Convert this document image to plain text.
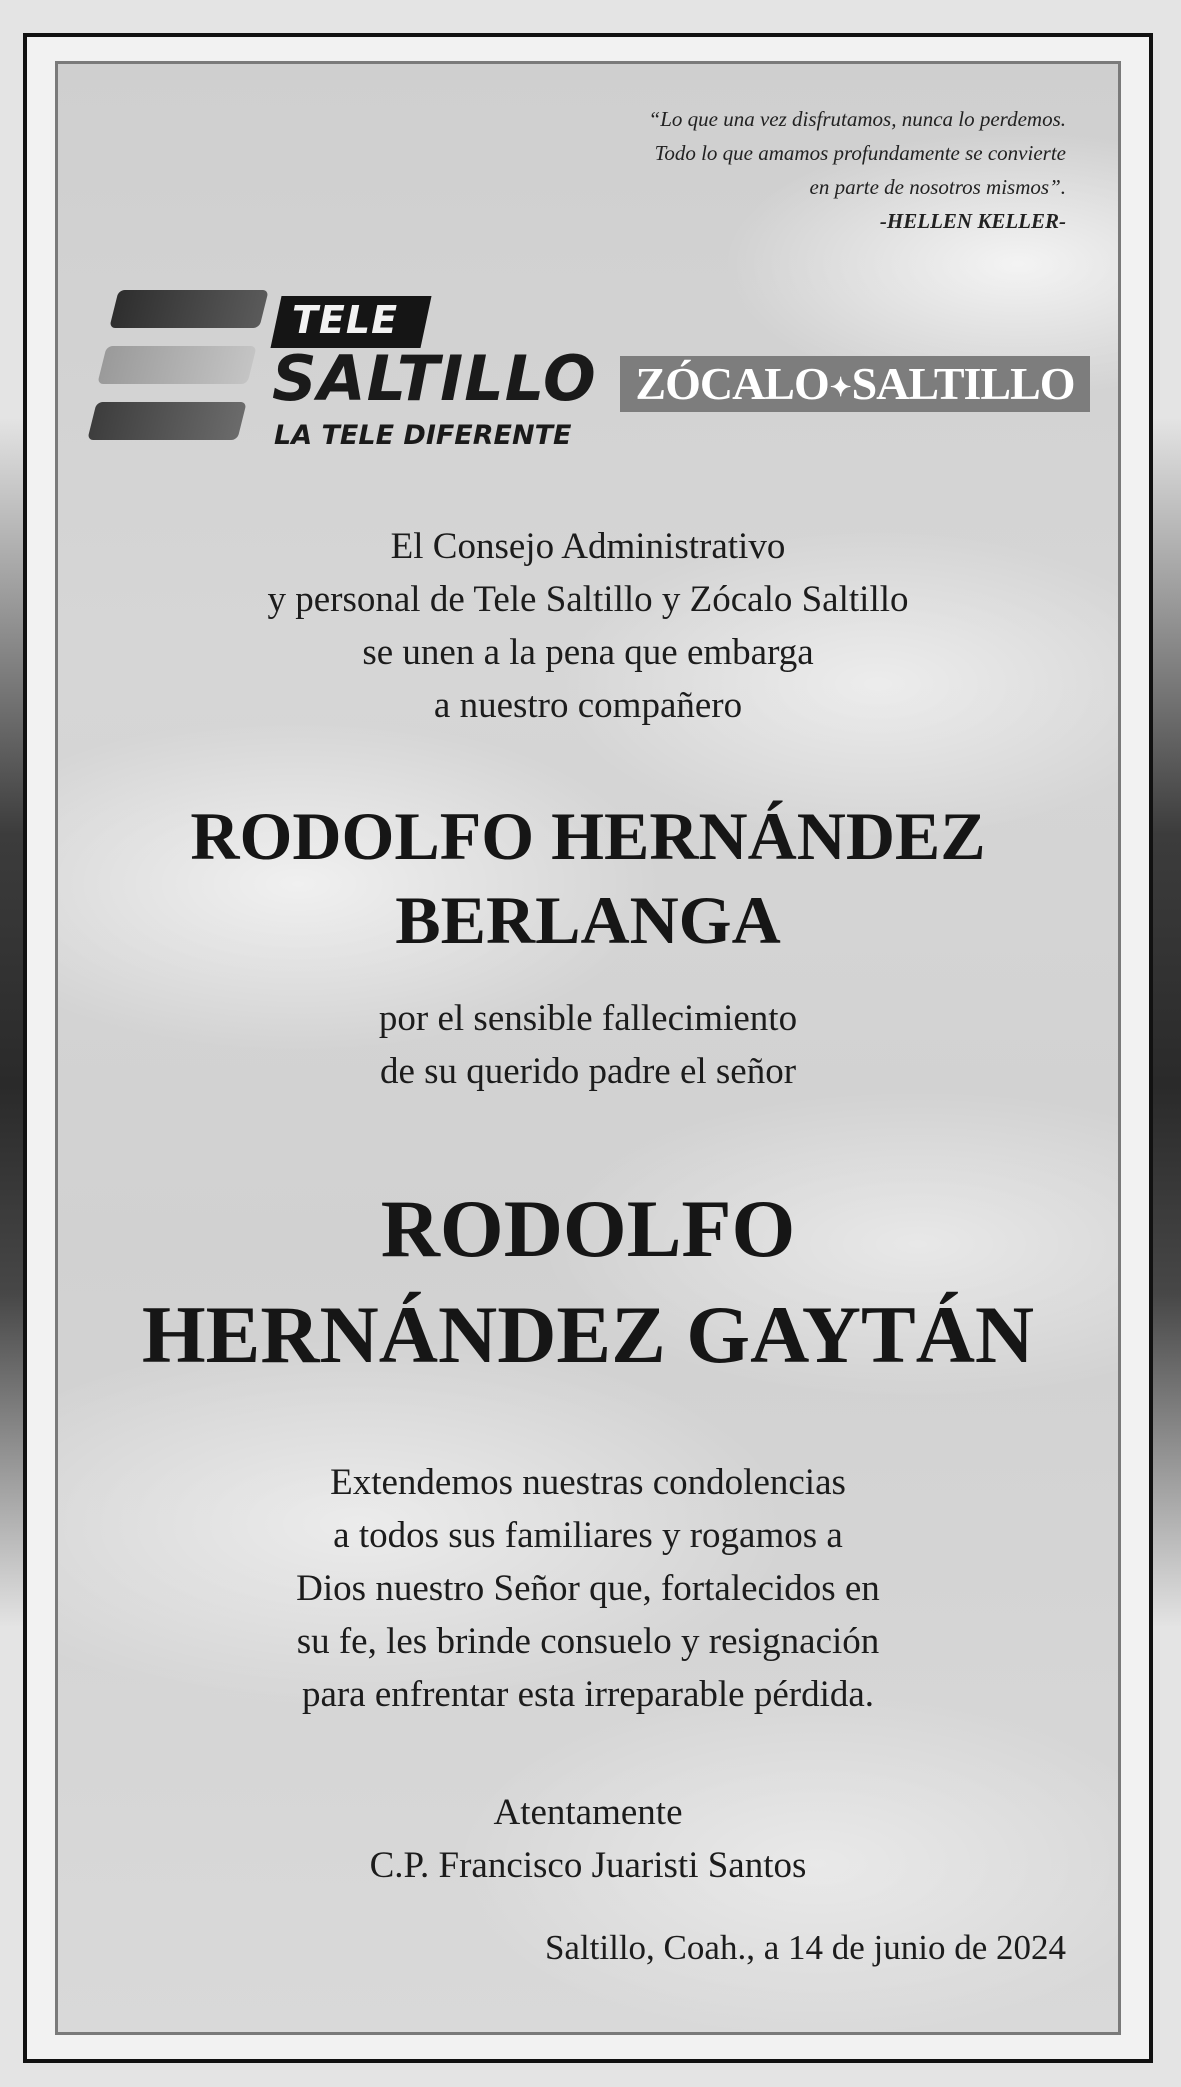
“Lo que una vez disfrutamos, nunca lo perdemos.
Todo lo que amamos profundamente se convierte
en parte de nosotros mismos”.
-HELLEN KELLER-
TELE
SALTILLO
LA TELE DIFERENTE
ZÓCALO✦SALTILLO
El Consejo Administrativo
y personal de Tele Saltillo y Zócalo Saltillo
se unen a la pena que embarga
a nuestro compañero
RODOLFO HERNÁNDEZ
BERLANGA
por el sensible fallecimiento
de su querido padre el señor
RODOLFO
HERNÁNDEZ GAYTÁN
Extendemos nuestras condolencias
a todos sus familiares y rogamos a
Dios nuestro Señor que, fortalecidos en
su fe, les brinde consuelo y resignación
para enfrentar esta irreparable pérdida.
Atentamente
C.P. Francisco Juaristi Santos
Saltillo, Coah., a 14 de junio de 2024
